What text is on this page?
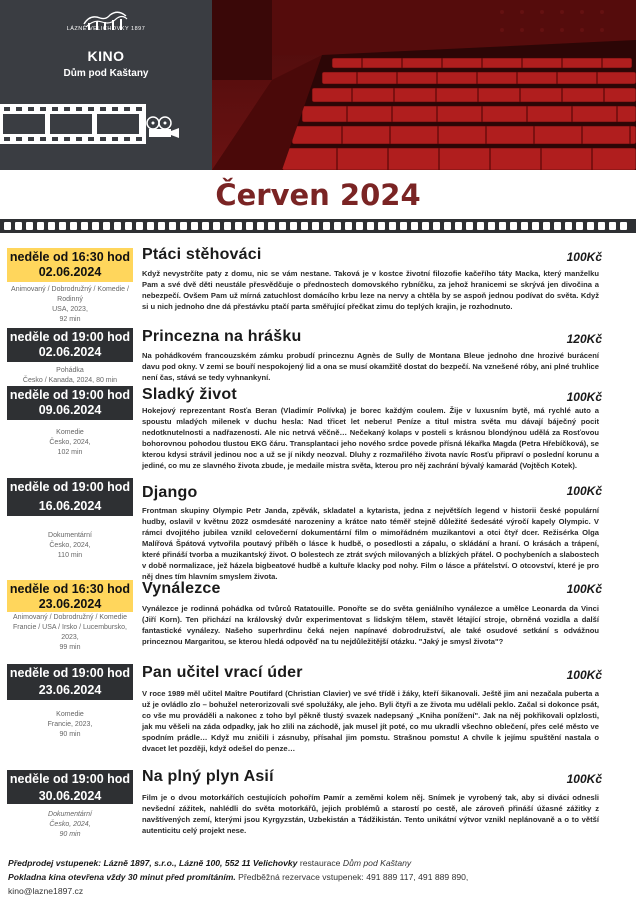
LÁZNĚ VELICHOVKY 1897
KINO
Dům pod Kaštany
Červen 2024
neděle od 16:30 hod
02.06.2024
Animovaný / Dobrodružný / Komedie / Rodinný
USA, 2023,
92 min
Ptáci stěhováci	100Kč
Když nevystrčíte paty z domu, nic se vám nestane. Taková je v kostce životní filozofie kačeřího táty Macka, který manželku Pam a své dvě děti neustále přesvědčuje o přednostech domovského rybníčku, za jehož hranicemi se skrývá jen divočina a nebezpečí. Ovšem Pam už mírná zatuchlost domácího krbu leze na nervy a chtěla by se aspoň jednou podívat do světa. Když si u nich jednoho dne dá přestávku ptačí parta směřující přečkat zimu do teplých krajin, je rozhodnuto.
neděle od 19:00 hod
02.06.2024
Pohádka
Česko / Kanada, 2024, 80 min
Princezna na hrášku	120Kč
Na pohádkovém francouzském zámku probudí princeznu Agnès de Sully de Montana Bleue jednoho dne hrozivé burácení davu pod okny. V zemi se bouří nespokojený lid a ona se musí okamžitě dostat do bezpečí. Na vznešené róby, ani plné truhlice není čas, stává se tedy vyhnankyní.
neděle od 19:00 hod
09.06.2024
Komedie
Česko, 2024,
102 min
Sladký život	100Kč
Hokejový reprezentant Rosťa Beran (Vladimír Polívka) je borec každým coulem. Žije v luxusním bytě, má rychlé auto a spoustu mladých milenek v duchu hesla: Nad třicet let neberu! Peníze a titul mistra světa mu dávají báječný pocit nedotknutelnosti a nadřazenosti. Ale nic netrvá věčně… Nečekaný kolaps v posteli s krásnou blondýnou udělá za Rosťovou bohorovnou pohodou tlustou EKG čáru. Transplantaci jeho nového srdce povede přísná lékařka Magda (Petra Hřebíčková), se kterou kdysi strávil jedinou noc a už se jí nikdy neozval. Dluhy z rozmařilého života navíc Rosťu připraví o poslední korunu a jediné, co mu ze slavného života zbude, je medaile mistra světa, kterou pro něj zachrání bývalý kamarád (Vojtěch Kotek).
neděle od 19:00 hod
16.06.2024
Dokumentární
Česko, 2024,
110 min
Django	100Kč
Frontman skupiny Olympic Petr Janda, zpěvák, skladatel a kytarista, jedna z největších legend v historii české populární hudby, oslavil v květnu 2022 osmdesáté narozeniny a krátce nato téměř stejně důležité šedesáté výročí kapely Olympic. V rámci dvojitého jubilea vznikl celovečerní dokumentární film o mimořádném muzikantovi a otci čtyř dcer. Režisérka Olga Malířová Špátová vytvořila poutavý příběh o lásce k hudbě, o posedlosti a zápalu, o skládání a hraní. O krásách a trápení, které přináší tvorba a muzikantský život. O bolestech ze ztrát svých milovaných a blízkých přátel. O pochybeních a slabostech v době normalizace, jež házela bigbeatové hudbě a kultuře klacky pod nohy. Film o lásce a přátelství. O otcovství, které je pro něj dnes tím hlavním smyslem života.
neděle od 16:30 hod
23.06.2024
Animovaný / Dobrodružný / Komedie Francie / USA / Irsko / Lucembursko, 2023,
99 min
Vynálezce	100Kč
Vynálezce je rodinná pohádka od tvůrců Ratatouille. Ponořte se do světa geniálního vynálezce a umělce Leonarda da Vinci (Jiří Korn). Ten přichází na královský dvůr experimentovat s lidským tělem, stavět létající stroje, obrněná vozidla a další fantastické vynálezy. Našeho superhrdinu čeká nejen napínavé dobrodružství, ale také osudové setkání s odvážnou princeznou Margaritou, se kterou hledá odpověď na tu nejdůležitější otázku. "Jaký je smysl života"?
neděle od 19:00 hod
23.06.2024
Komedie
Francie, 2023,
90 min
Pan učitel vrací úder	100Kč
V roce 1989 měl učitel Maître Poutifard (Christian Clavier) ve své třídě i žáky, kteří šikanovali. Ještě jim ani nezačala puberta a už je ovládlo zlo – bohužel neterorizovali své spolužáky, ale jeho. Byli čtyři a ze života mu udělali peklo. Začal si dokonce psát, co vše mu prováděli a nakonec z toho byl pěkně tlustý svazek nadepsaný „Kniha ponížení". Jak na něj pokřikovali oplzlosti, jak mu věšeli na záda odpadky, jak ho zlili na záchodě, jak musel jít poté, co mu ukradli všechno oblečení, přes celé město ve spodním prádle… Když mu zničili i zásnuby, přísahal jim pomstu. Strašnou pomstu! A chvíle k jejímu spuštění nastala o dvacet let později, když odešel do penze…
neděle od 19:00 hod
30.06.2024
Dokumentární
Česko, 2024,
90 min
Na plný plyn Asií	100Kč
Film je o dvou motorkářích cestujících pohořím Pamír a zeměmi kolem něj. Snímek je vyrobený tak, aby si diváci odnesli nevšední zážitek, nahlédli do světa motorkářů, jejich problémů a starostí po cestě, ale zároveň přináší úžasné zážitky z navštívených zemí, kterými jsou Kyrgyzstán, Uzbekistán a Tádžikistán. Tento unikátní výtvor vznikl neplánovaně a o to větší autenticitu celý projekt nese.
Předprodej vstupenek: Lázně 1897, s.r.o., Lázně 100, 552 11 Velichovky restaurace Dům pod Kaštany
Pokladna kina otevřena vždy 30 minut před promítáním. Předběžná rezervace vstupenek: 491 889 117, 491 889 890,
kino@lazne1897.cz
